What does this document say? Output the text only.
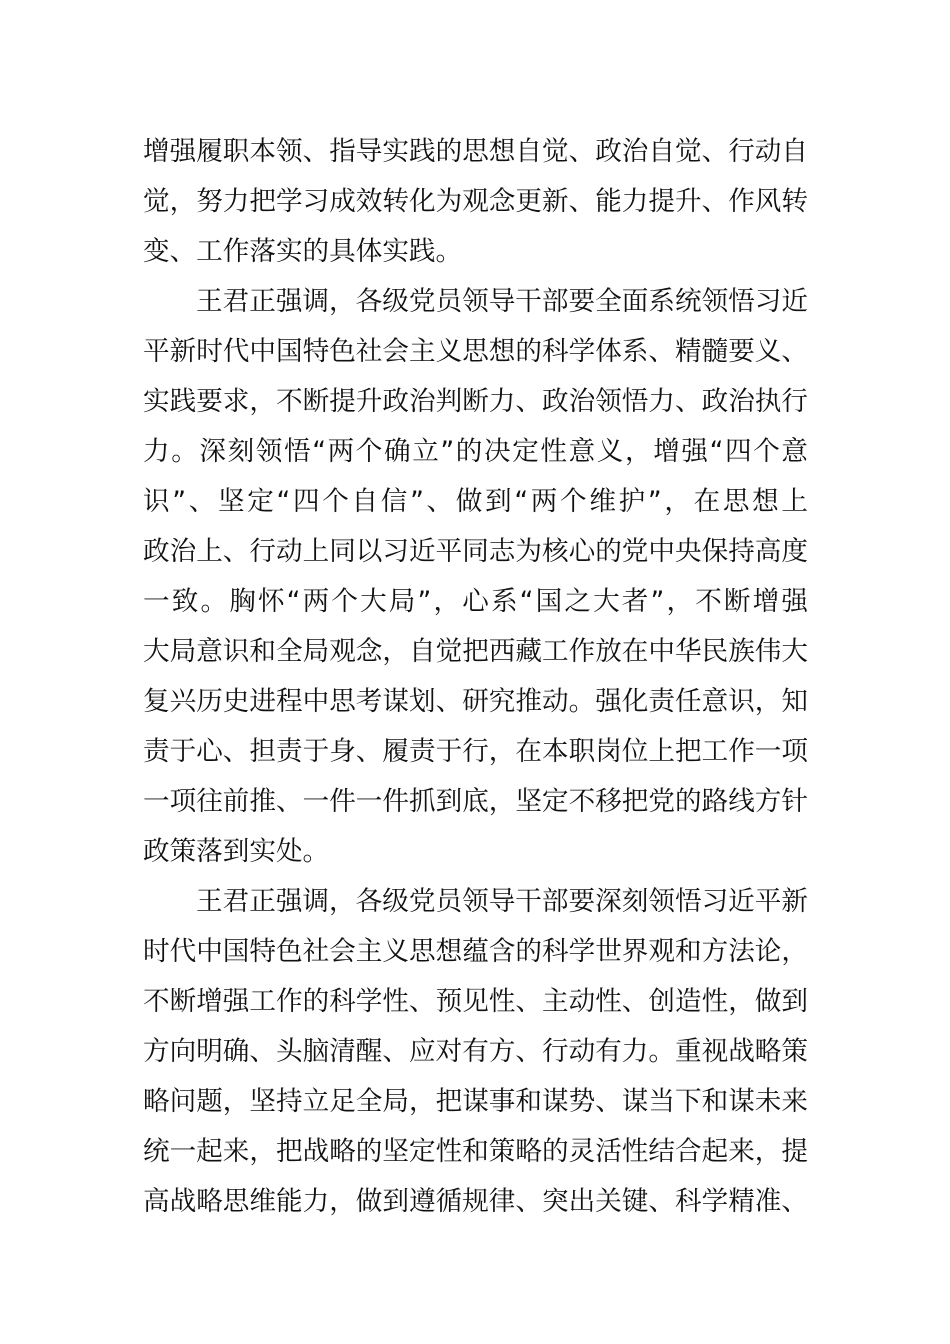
增强履职本领、指导实践的思想自觉、政治自觉、行动自
觉，努力把学习成效转化为观念更新、能力提升、作风转
变、工作落实的具体实践。
王君正强调，各级党员领导干部要全面系统领悟习近
平新时代中国特色社会主义思想的科学体系、精髓要义、
实践要求，不断提升政治判断力、政治领悟力、政治执行
力。深刻领悟“两个确立”的决定性意义，增强“四个意
识”、坚定“四个自信”、做到“两个维护”，在思想上
政治上、行动上同以习近平同志为核心的党中央保持高度
一致。胸怀“两个大局”，心系“国之大者”，不断增强
大局意识和全局观念，自觉把西藏工作放在中华民族伟大
复兴历史进程中思考谋划、研究推动。强化责任意识，知
责于心、担责于身、履责于行，在本职岗位上把工作一项
一项往前推、一件一件抓到底，坚定不移把党的路线方针
政策落到实处。
王君正强调，各级党员领导干部要深刻领悟习近平新
时代中国特色社会主义思想蕴含的科学世界观和方法论，
不断增强工作的科学性、预见性、主动性、创造性，做到
方向明确、头脑清醒、应对有方、行动有力。重视战略策
略问题，坚持立足全局，把谋事和谋势、谋当下和谋未来
统一起来，把战略的坚定性和策略的灵活性结合起来，提
高战略思维能力，做到遵循规律、突出关键、科学精准、
